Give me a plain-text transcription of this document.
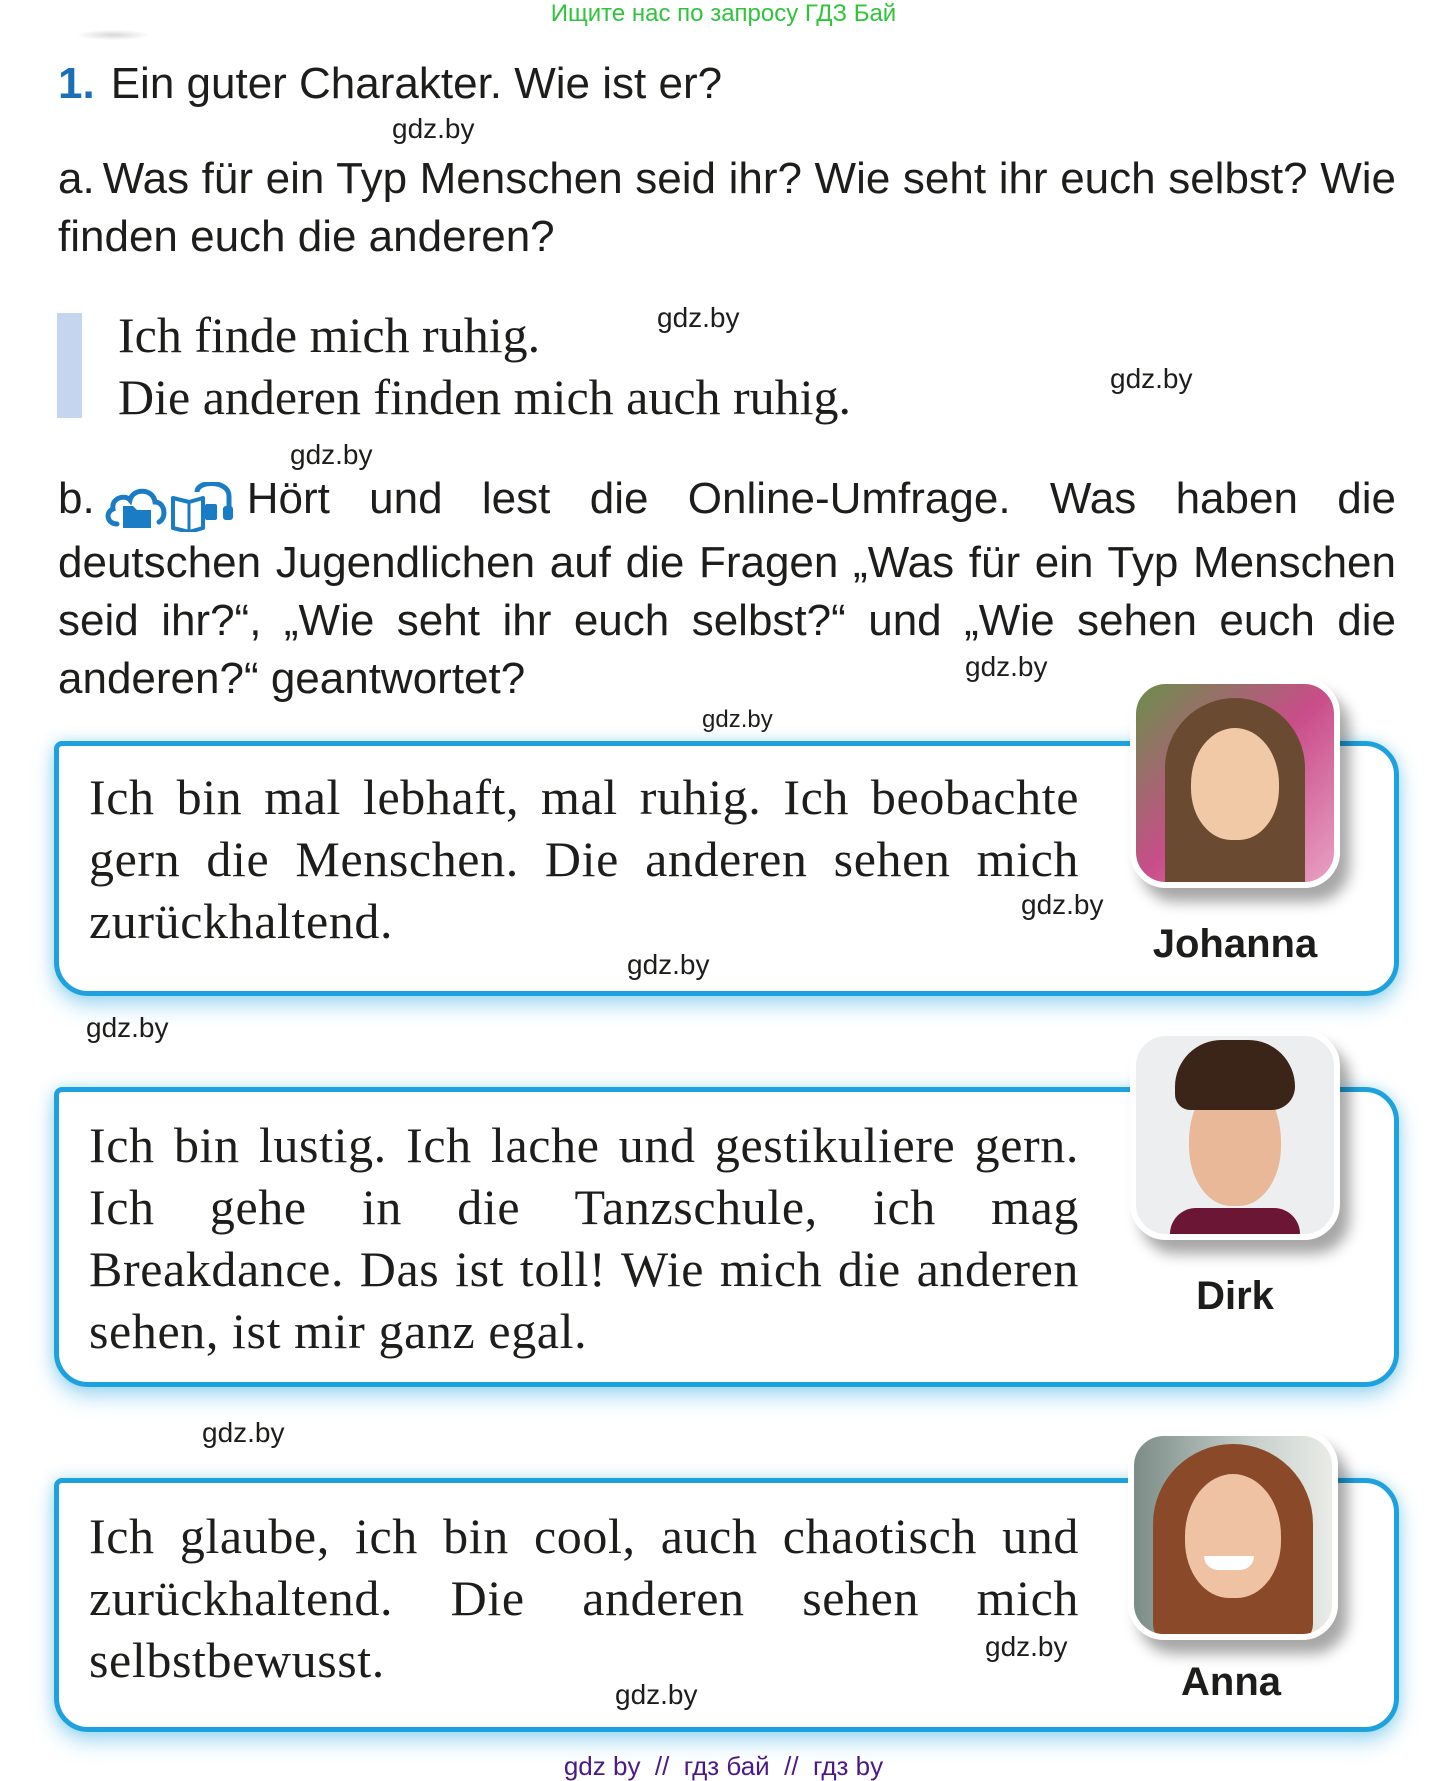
Ищите нас по запросу ГДЗ Бай
1. Ein guter Charakter. Wie ist er?
a. Was für ein Typ Menschen seid ihr? Wie seht ihr euch selbst? Wie finden euch die anderen?
Ich finde mich ruhig.
Die anderen finden mich auch ruhig.
b.	Hört und lest die Online-Umfrage. Was haben die deutschen Jugendlichen auf die Fragen „Was für ein Typ Menschen seid ihr?“, „Wie seht ihr euch selbst?“ und „Wie sehen euch die anderen?“ geantwortet?
Ich bin mal lebhaft, mal ruhig. Ich beobachte gern die Menschen. Die anderen sehen mich zurückhaltend.	Johanna
Ich bin lustig. Ich lache und gestikuliere gern. Ich gehe in die Tanzschule, ich mag Breakdance. Das ist toll! Wie mich die anderen sehen, ist mir ganz egal.
Dirk
Ich glaube, ich bin cool, auch chaotisch und zurückhaltend. Die anderen sehen mich selbstbewusst.	Anna
gdz.by
gdz.by
gdz.by
gdz.by
gdz.by
gdz.by
gdz.by
gdz.by
gdz.by
gdz.by
gdz.by
gdz.by
gdz by  //  гдз бай  //  гдз by
